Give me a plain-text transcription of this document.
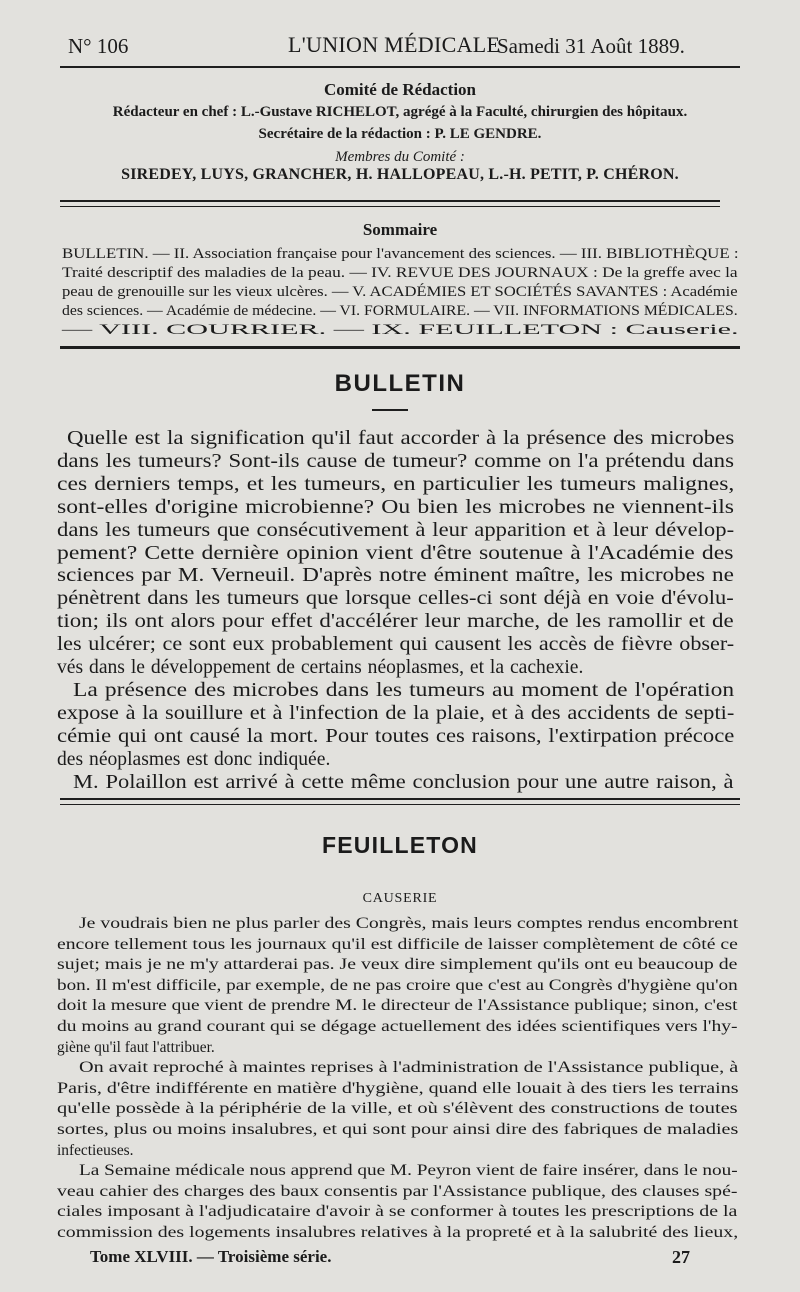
N° 106	L'UNION MÉDICALE
Samedi 31 Août 1889.
Comité de Rédaction
Rédacteur en chef : L.-Gustave RICHELOT, agrégé à la Faculté, chirurgien des hôpitaux.
Secrétaire de la rédaction : P. LE GENDRE.
Membres du Comité :
SIREDEY, LUYS, GRANCHER, H. HALLOPEAU, L.-H. PETIT, P. CHÉRON.
Sommaire
BULLETIN. — II. Association française pour l'avancement des sciences. — III. BIBLIOTHÈQUE :
Traité descriptif des maladies de la peau. — IV. REVUE DES JOURNAUX : De la greffe avec la
peau de grenouille sur les vieux ulcères. — V. ACADÉMIES ET SOCIÉTÉS SAVANTES : Académie
des sciences. — Académie de médecine. — VI. FORMULAIRE. — VII. INFORMATIONS MÉDICALES.
— VIII. COURRIER. — IX. FEUILLETON : Causerie.
BULLETIN
Quelle est la signification qu'il faut accorder à la présence des microbes
dans les tumeurs? Sont-ils cause de tumeur? comme on l'a prétendu dans
ces derniers temps, et les tumeurs, en particulier les tumeurs malignes,
sont-elles d'origine microbienne? Ou bien les microbes ne viennent-ils
dans les tumeurs que consécutivement à leur apparition et à leur dévelop-
pement? Cette dernière opinion vient d'être soutenue à l'Académie des
sciences par M. Verneuil. D'après notre éminent maître, les microbes ne
pénètrent dans les tumeurs que lorsque celles-ci sont déjà en voie d'évolu-
tion; ils ont alors pour effet d'accélérer leur marche, de les ramollir et de
les ulcérer; ce sont eux probablement qui causent les accès de fièvre obser-
vés dans le développement de certains néoplasmes, et la cachexie.
La présence des microbes dans les tumeurs au moment de l'opération
expose à la souillure et à l'infection de la plaie, et à des accidents de septi-
cémie qui ont causé la mort. Pour toutes ces raisons, l'extirpation précoce
des néoplasmes est donc indiquée.
M. Polaillon est arrivé à cette même conclusion pour une autre raison, à
FEUILLETON
CAUSERIE
Je voudrais bien ne plus parler des Congrès, mais leurs comptes rendus encombrent
encore tellement tous les journaux qu'il est difficile de laisser complètement de côté ce
sujet; mais je ne m'y attarderai pas. Je veux dire simplement qu'ils ont eu beaucoup de
bon. Il m'est difficile, par exemple, de ne pas croire que c'est au Congrès d'hygiène qu'on
doit la mesure que vient de prendre M. le directeur de l'Assistance publique; sinon, c'est
du moins au grand courant qui se dégage actuellement des idées scientifiques vers l'hy-
giène qu'il faut l'attribuer.
On avait reproché à maintes reprises à l'administration de l'Assistance publique, à
Paris, d'être indifférente en matière d'hygiène, quand elle louait à des tiers les terrains
qu'elle possède à la périphérie de la ville, et où s'élèvent des constructions de toutes
sortes, plus ou moins insalubres, et qui sont pour ainsi dire des fabriques de maladies
infectieuses.
La Semaine médicale nous apprend que M. Peyron vient de faire insérer, dans le nou-
veau cahier des charges des baux consentis par l'Assistance publique, des clauses spé-
ciales imposant à l'adjudicataire d'avoir à se conformer à toutes les prescriptions de la
commission des logements insalubres relatives à la propreté et à la salubrité des lieux,
Tome XLVIII. — Troisième série.	27
